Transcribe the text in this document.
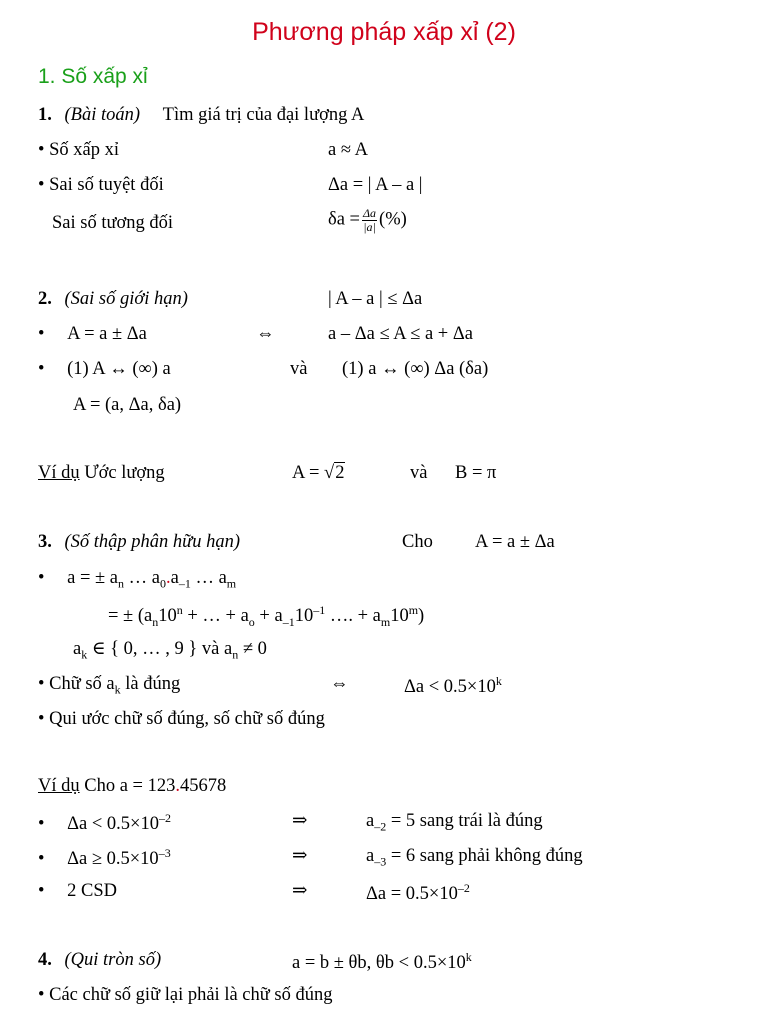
Phương pháp xấp xỉ (2)
1. Số xấp xỉ
1. (Bài toán) Tìm giá trị của đại lượng A
• Số xấp xỉ	a ≈ A
• Sai số tuyệt đối	Δa = | A – a |
Sai số tương đối	$\delta a = \frac{\Delta a}{|a|}$ (%)
2. (Sai số giới hạn)	| A – a | ≤ Δa
• A = a ± Δa	⇔	a – Δa ≤ A ≤ a + Δa
• (1) A ↔ (∞) a	và (1) a ↔ (∞) Δa (δa)
A = (a, Δa, δa)
Ví dụ Ước lượng	A = √2	và B = π
3. (Số thập phân hữu hạn)	Cho A = a ± Δa
• a = ± $a_n$ … $a_0.a_{-1}$ … $a_m$
= ± ($a_n10^n$ + … + $a_o + a_{-1}10^{-1}$ …. + $a_m10^m$)
$a_k$ ∈ { 0, … , 9 } và $a_n \ne 0$
• Chữ số $a_k$ là đúng	⇔	$\Delta a < 0.5\times 10^k$
• Qui ước chữ số đúng, số chữ số đúng
Ví dụ Cho a = 123.45678
• $\Delta a < 0.5\times 10^{-2}$	⇒	$a_{-2} = 5$ sang trái là đúng
• $\Delta a \ge 0.5\times 10^{-3}$	⇒	$a_{-3} = 6$ sang phải không đúng
• 2 CSD	⇒	$\Delta a = 0.5\times 10^{-2}$
4. (Qui tròn số)	a = b ± θb, $\theta b < 0.5\times 10^k$
• Các chữ số giữ lại phải là chữ số đúng
